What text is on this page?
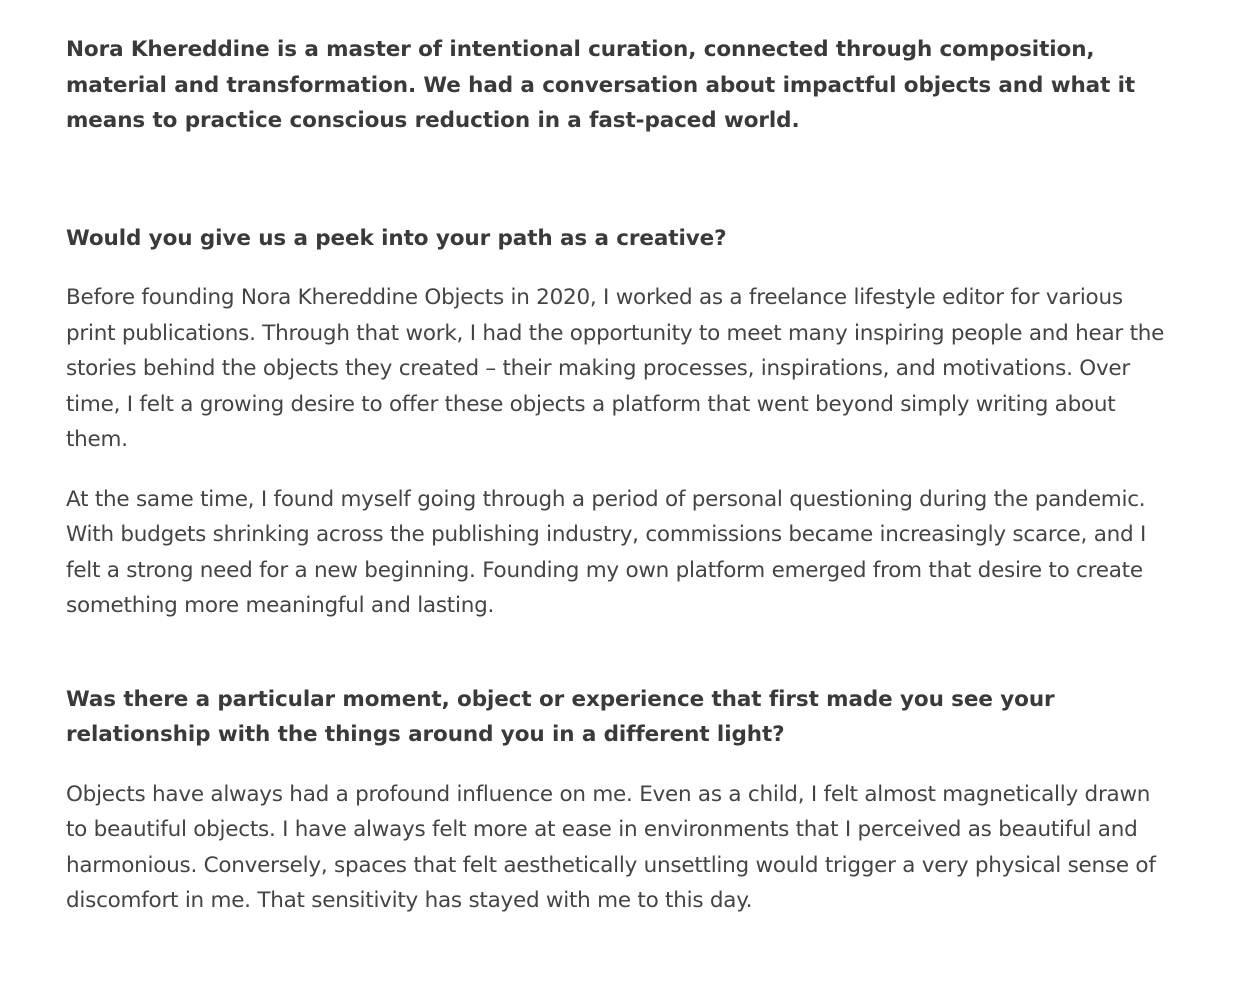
Nora Khereddine is a master of intentional curation, connected through composition, material and transformation. We had a conversation about impactful objects and what it means to practice conscious reduction in a fast-paced world.

Would you give us a peek into your path as a creative?

Before founding Nora Khereddine Objects in 2020, I worked as a freelance lifestyle editor for various print publications. Through that work, I had the opportunity to meet many inspiring people and hear the stories behind the objects they created – their making processes, inspirations, and motivations. Over time, I felt a growing desire to offer these objects a platform that went beyond simply writing about them.

At the same time, I found myself going through a period of personal questioning during the pandemic. With budgets shrinking across the publishing industry, commissions became increasingly scarce, and I felt a strong need for a new beginning. Founding my own platform emerged from that desire to create something more meaningful and lasting.

Was there a particular moment, object or experience that first made you see your relationship with the things around you in a different light?

Objects have always had a profound influence on me. Even as a child, I felt almost magnetically drawn to beautiful objects. I have always felt more at ease in environments that I perceived as beautiful and harmonious. Conversely, spaces that felt aesthetically unsettling would trigger a very physical sense of discomfort in me. That sensitivity has stayed with me to this day.
